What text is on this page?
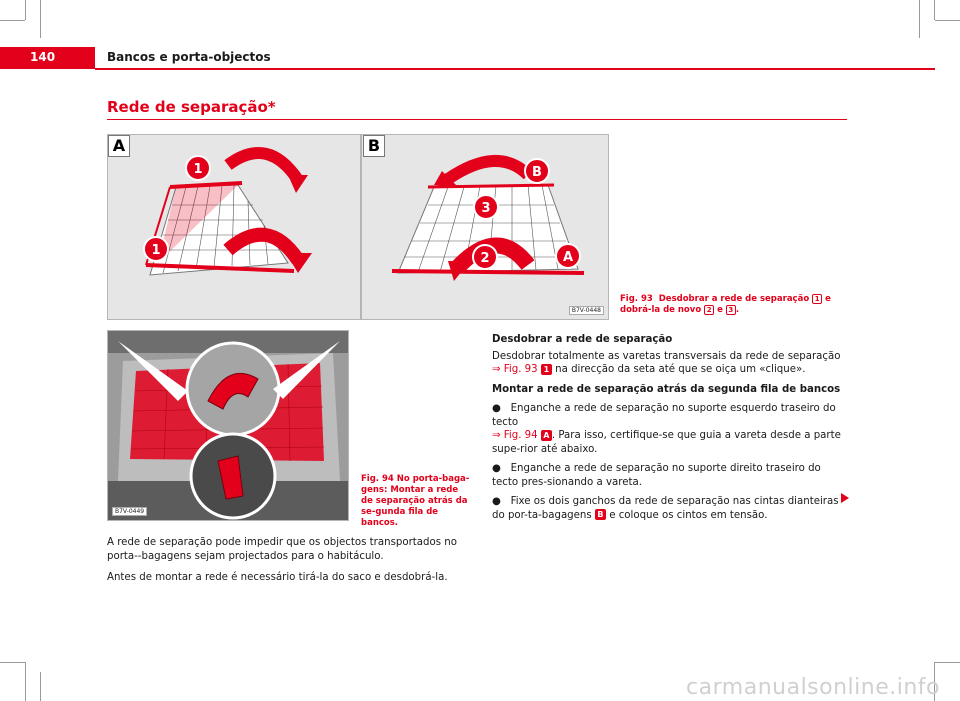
140	Bancos e porta-objectos
Rede de separação*
1
1
B
3
2	A
A	B
B7V-0448
Fig. 93 Desdobrar a rede de separação 1 e dobrá-la de novo 2 e 3 .
B7V-0449
Fig. 94 No porta-baga-gens: Montar a rede de separação atrás da se-gunda fila de bancos.
A rede de separação pode impedir que os objectos transportados no porta--bagagens sejam projectados para o habitáculo.
Antes de montar a rede é necessário tirá-la do saco e desdobrá-la.
Desdobrar a rede de separação
Desdobrar totalmente as varetas transversais da rede de separação
⇒ Fig. 93 1 na direcção da seta até que se oiça um «clique».
Montar a rede de separação atrás da segunda fila de bancos
● Enganche a rede de separação no suporte esquerdo traseiro do tecto
⇒ Fig. 94 A . Para isso, certifique-se que guia a vareta desde a parte supe-rior até abaixo.
● Enganche a rede de separação no suporte direito traseiro do tecto pres-sionando a vareta.
● Fixe os dois ganchos da rede de separação nas cintas dianteiras do por-ta-bagagens B e coloque os cintos em tensão.
carmanualsonline.info
